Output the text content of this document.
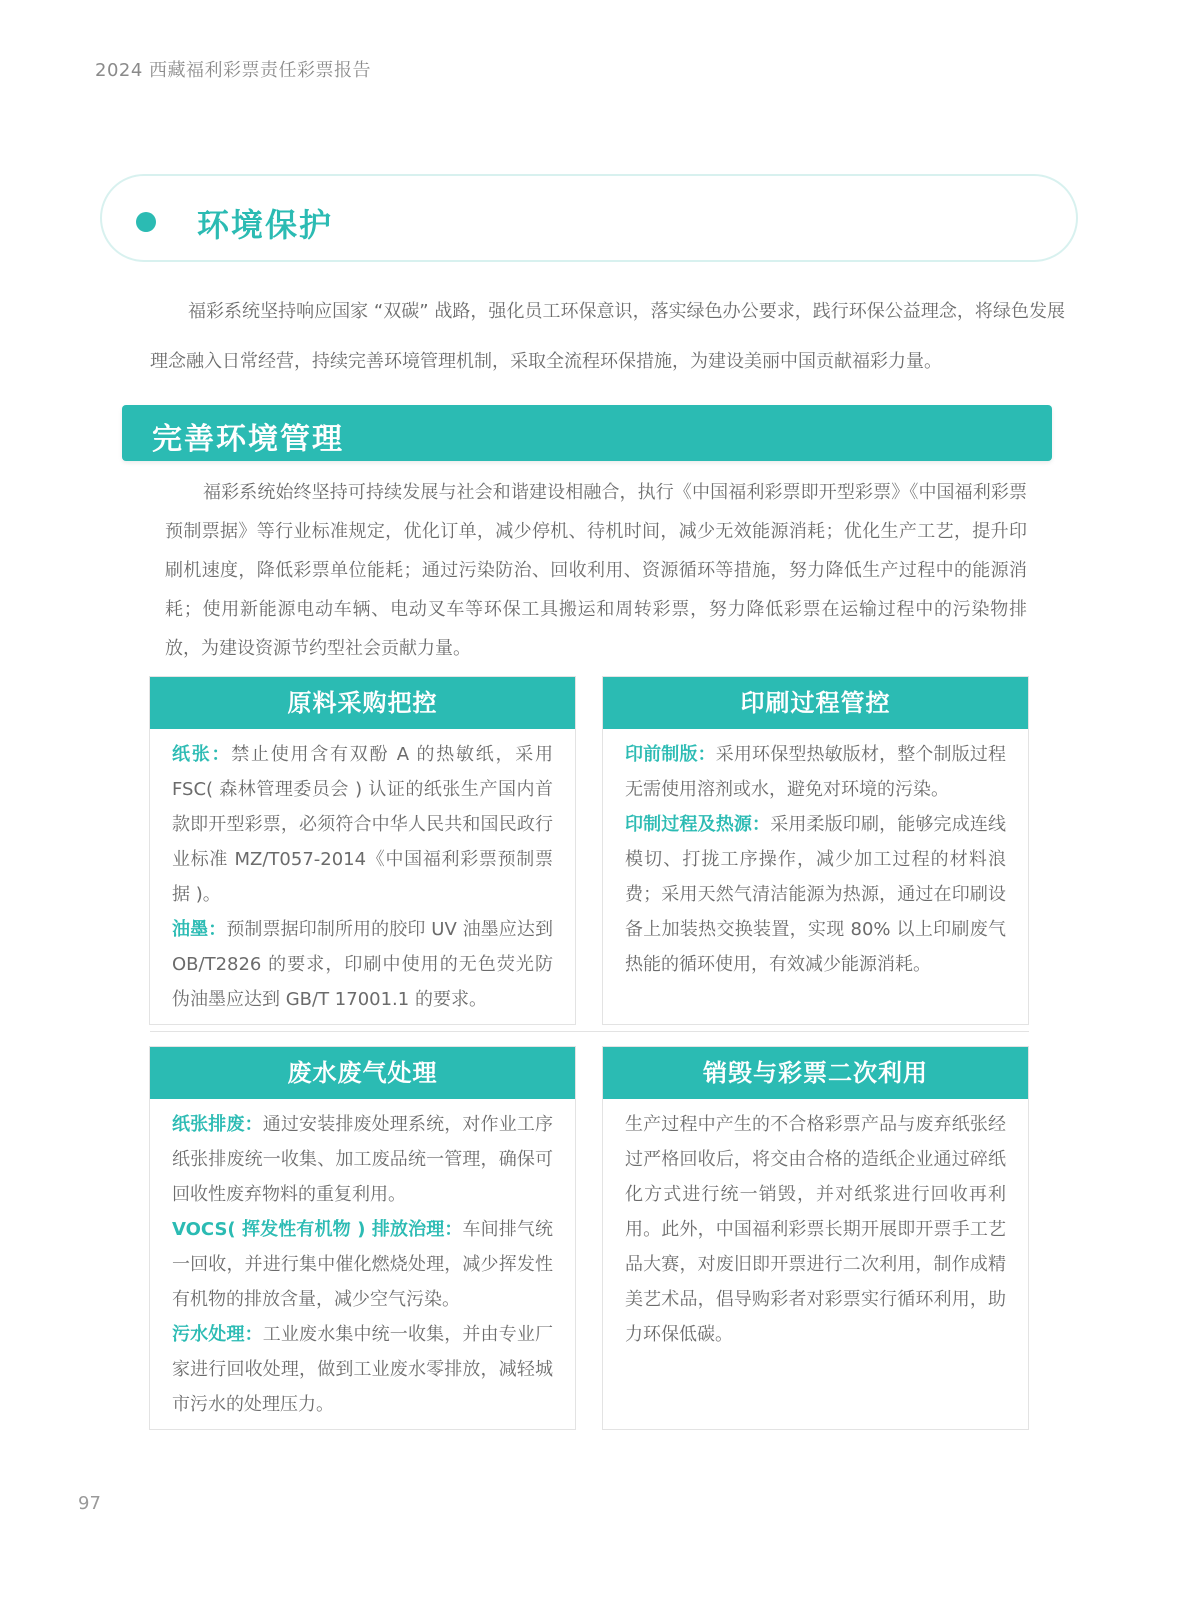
2024 西藏福利彩票责任彩票报告
环境保护

福彩系统坚持响应国家 “双碳” 战路，强化员工环保意识，落实绿色办公要求，践行环保公益理念，将绿色发展理念融入日常经营，持续完善环境管理机制，采取全流程环保措施，为建设美丽中国贡献福彩力量。

完善环境管理

福彩系统始终坚持可持续发展与社会和谐建设相融合，执行《中国福利彩票即开型彩票》《中国福利彩票预制票据》等行业标准规定，优化订单，减少停机、待机时间，减少无效能源消耗；优化生产工艺，提升印刷机速度，降低彩票单位能耗；通过污染防治、回收利用、资源循环等措施，努力降低生产过程中的能源消耗；使用新能源电动车辆、电动叉车等环保工具搬运和周转彩票，努力降低彩票在运输过程中的污染物排放，为建设资源节约型社会贡献力量。

原料采购把控

纸张：禁止使用含有双酚 A 的热敏纸，采用 FSC( 森林管理委员会 ) 认证的纸张生产国内首款即开型彩票，必须符合中华人民共和国民政行业标准 MZ/T057-2014《中国福利彩票预制票据 )。

油墨：预制票据印制所用的胶印 UV 油墨应达到 OB/T2826 的要求，印刷中使用的无色荧光防伪油墨应达到 GB/T 17001.1 的要求。

印刷过程管控

印前制版：采用环保型热敏版材，整个制版过程无需使用溶剂或水，避免对环境的污染。

印制过程及热源：采用柔版印刷，能够完成连线模切、打拢工序操作，减少加工过程的材料浪费；采用天然气清洁能源为热源，通过在印刷设备上加装热交换装置，实现 80% 以上印刷废气热能的循环使用，有效减少能源消耗。

废水废气处理

纸张排废：通过安装排废处理系统，对作业工序纸张排废统一收集、加工废品统一管理，确保可回收性废弃物料的重复利用。

VOCS( 挥发性有机物 ) 排放治理：车间排气统一回收，并进行集中催化燃烧处理，减少挥发性有机物的排放含量，减少空气污染。

污水处理：工业废水集中统一收集，并由专业厂家进行回收处理，做到工业废水零排放，减轻城市污水的处理压力。

销毁与彩票二次利用

生产过程中产生的不合格彩票产品与废弃纸张经过严格回收后，将交由合格的造纸企业通过碎纸化方式进行统一销毁，并对纸浆进行回收再利用。此外，中国福利彩票长期开展即开票手工艺品大赛，对废旧即开票进行二次利用，制作成精美艺术品，倡导购彩者对彩票实行循环利用，助力环保低碳。

97
